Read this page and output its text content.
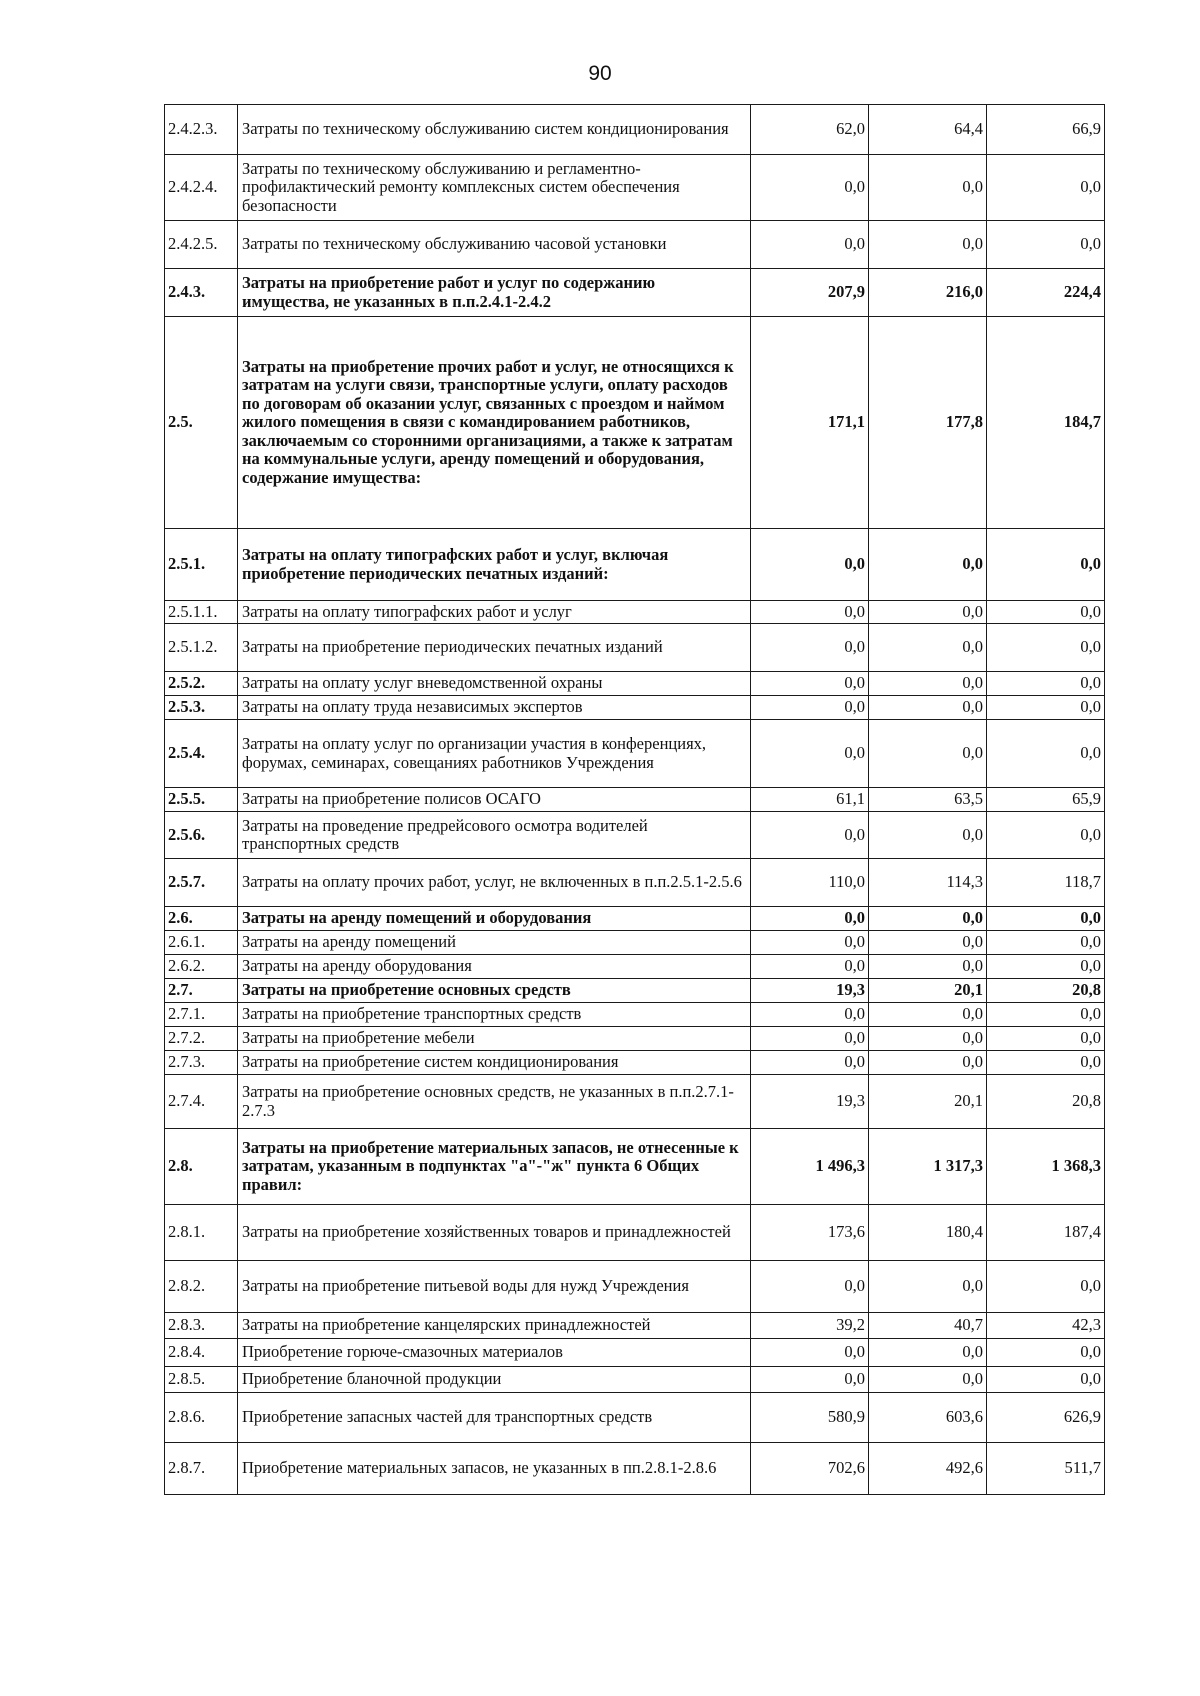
90
2.4.2.3.	Затраты по техническому обслуживанию систем кондиционирования	62,0	64,4	66,9
2.4.2.4.	Затраты по техническому обслуживанию и регламентно-профилактический ремонту комплексных систем обеспечения безопасности	0,0	0,0	0,0
2.4.2.5.	Затраты по техническому обслуживанию часовой установки	0,0	0,0	0,0
2.4.3.	Затраты на приобретение работ и услуг по содержанию имущества, не указанных в п.п.2.4.1-2.4.2	207,9	216,0	224,4
2.5.	Затраты на приобретение прочих работ и услуг, не относящихся к затратам на услуги связи, транспортные услуги, оплату расходов по договорам об оказании услуг, связанных с проездом и наймом жилого помещения в связи с командированием работников, заключаемым со сторонними организациями, а также к затратам на коммунальные услуги, аренду помещений и оборудования, содержание имущества:	171,1	177,8	184,7
2.5.1.	Затраты на оплату типографских работ и услуг, включая приобретение периодических печатных изданий:	0,0	0,0	0,0
2.5.1.1.	Затраты на оплату типографских работ и услуг	0,0	0,0	0,0
2.5.1.2.	Затраты на приобретение периодических печатных изданий	0,0	0,0	0,0
2.5.2.	Затраты на оплату услуг вневедомственной охраны	0,0	0,0	0,0
2.5.3.	Затраты на оплату труда независимых экспертов	0,0	0,0	0,0
2.5.4.	Затраты на оплату услуг по организации участия в конференциях, форумах, семинарах, совещаниях работников Учреждения	0,0	0,0	0,0
2.5.5.	Затраты на приобретение полисов ОСАГО	61,1	63,5	65,9
2.5.6.	Затраты на проведение предрейсового осмотра водителей транспортных средств	0,0	0,0	0,0
2.5.7.	Затраты на оплату прочих работ, услуг, не включенных в п.п.2.5.1-2.5.6	110,0	114,3	118,7
2.6.	Затраты на аренду помещений и оборудования	0,0	0,0	0,0
2.6.1.	Затраты на аренду помещений	0,0	0,0	0,0
2.6.2.	Затраты на аренду оборудования	0,0	0,0	0,0
2.7.	Затраты на приобретение основных средств	19,3	20,1	20,8
2.7.1.	Затраты на приобретение транспортных средств	0,0	0,0	0,0
2.7.2.	Затраты на приобретение мебели	0,0	0,0	0,0
2.7.3.	Затраты на приобретение систем кондиционирования	0,0	0,0	0,0
2.7.4.	Затраты на приобретение основных средств, не указанных в п.п.2.7.1-2.7.3	19,3	20,1	20,8
2.8.	Затраты на приобретение материальных запасов, не отнесенные к затратам, указанным в подпунктах "а"-"ж" пункта 6 Общих правил:	1 496,3	1 317,3	1 368,3
2.8.1.	Затраты на приобретение хозяйственных товаров и принадлежностей	173,6	180,4	187,4
2.8.2.	Затраты на приобретение питьевой воды для нужд Учреждения	0,0	0,0	0,0
2.8.3.	Затраты на приобретение канцелярских принадлежностей	39,2	40,7	42,3
2.8.4.	Приобретение горюче-смазочных материалов	0,0	0,0	0,0
2.8.5.	Приобретение бланочной продукции	0,0	0,0	0,0
2.8.6.	Приобретение запасных частей для транспортных средств	580,9	603,6	626,9
2.8.7.	Приобретение материальных запасов, не указанных в пп.2.8.1-2.8.6	702,6	492,6	511,7
